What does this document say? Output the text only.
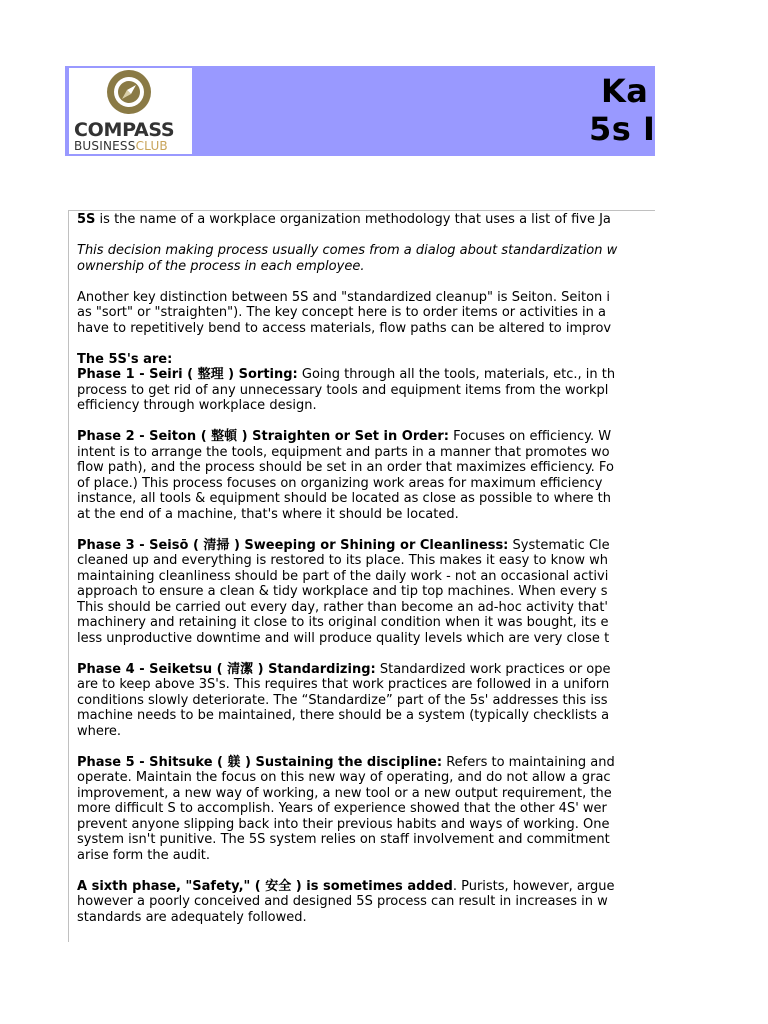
COMPASS
BUSINESSCLUB
Ka
5s I
5S is the name of a workplace organization methodology that uses a list of five Ja
This decision making process usually comes from a dialog about standardization w
ownership of the process in each employee.
Another key distinction between 5S and "standardized cleanup" is Seiton. Seiton i
as "sort" or "straighten"). The key concept here is to order items or activities in a
have to repetitively bend to access materials, flow paths can be altered to improv
The 5S's are:
Phase 1 - Seiri ( 整理 ) Sorting: Going through all the tools, materials, etc., in th
process to get rid of any unnecessary tools and equipment items from the workpl
efficiency through workplace design.
Phase 2 - Seiton ( 整頓 ) Straighten or Set in Order: Focuses on efficiency. W
intent is to arrange the tools, equipment and parts in a manner that promotes wo
flow path), and the process should be set in an order that maximizes efficiency. Fo
of place.) This process focuses on organizing work areas for maximum efficiency
instance, all tools & equipment should be located as close as possible to where th
at the end of a machine, that's where it should be located.
Phase 3 - Seisō ( 清掃 ) Sweeping or Shining or Cleanliness: Systematic Cle
cleaned up and everything is restored to its place. This makes it easy to know wh
maintaining cleanliness should be part of the daily work - not an occasional activi
approach to ensure a clean & tidy workplace and tip top machines. When every s
This should be carried out every day, rather than become an ad-hoc activity that'
machinery and retaining it close to its original condition when it was bought, its e
less unproductive downtime and will produce quality levels which are very close t
Phase 4 - Seiketsu ( 清潔 ) Standardizing: Standardized work practices or ope
are to keep above 3S's. This requires that work practices are followed in a uniforn
conditions slowly deteriorate. The “Standardize” part of the 5s' addresses this iss
machine needs to be maintained, there should be a system (typically checklists a
where.
Phase 5 - Shitsuke ( 躾 ) Sustaining the discipline: Refers to maintaining and
operate. Maintain the focus on this new way of operating, and do not allow a grac
improvement, a new way of working, a new tool or a new output requirement, the
more difficult S to accomplish. Years of experience showed that the other 4S' wer
prevent anyone slipping back into their previous habits and ways of working. One
system isn't punitive. The 5S system relies on staff involvement and commitment
arise form the audit.
A sixth phase, "Safety," ( 安全 ) is sometimes added. Purists, however, argue
however a poorly conceived and designed 5S process can result in increases in w
standards are adequately followed.
